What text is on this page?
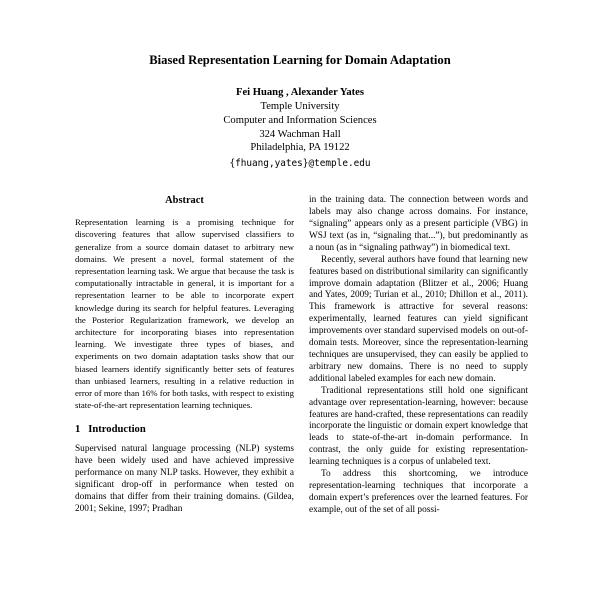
Biased Representation Learning for Domain Adaptation
Fei Huang , Alexander Yates
Temple University
Computer and Information Sciences
324 Wachman Hall
Philadelphia, PA 19122
{fhuang,yates}@temple.edu
Abstract

Representation learning is a promising technique for discovering features that allow supervised classifiers to generalize from a source domain dataset to arbitrary new domains. We present a novel, formal statement of the representation learning task. We argue that because the task is computationally intractable in general, it is important for a representation learner to be able to incorporate expert knowledge during its search for helpful features. Leveraging the Posterior Regularization framework, we develop an architecture for incorporating biases into representation learning. We investigate three types of biases, and experiments on two domain adaptation tasks show that our biased learners identify significantly better sets of features than unbiased learners, resulting in a relative reduction in error of more than 16% for both tasks, with respect to existing state-of-the-art representation learning techniques.

1   Introduction

Supervised natural language processing (NLP) systems have been widely used and have achieved impressive performance on many NLP tasks. However, they exhibit a significant drop-off in performance when tested on domains that differ from their training domains. (Gildea, 2001; Sekine, 1997; Pradhan

in the training data. The connection between words and labels may also change across domains. For instance, “signaling” appears only as a present participle (VBG) in WSJ text (as in, “signaling that...”), but predominantly as a noun (as in “signaling pathway”) in biomedical text.

Recently, several authors have found that learning new features based on distributional similarity can significantly improve domain adaptation (Blitzer et al., 2006; Huang and Yates, 2009; Turian et al., 2010; Dhillon et al., 2011). This framework is attractive for several reasons: experimentally, learned features can yield significant improvements over standard supervised models on out-of-domain tests. Moreover, since the representation-learning techniques are unsupervised, they can easily be applied to arbitrary new domains. There is no need to supply additional labeled examples for each new domain.

Traditional representations still hold one significant advantage over representation-learning, however: because features are hand-crafted, these representations can readily incorporate the linguistic or domain expert knowledge that leads to state-of-the-art in-domain performance. In contrast, the only guide for existing representation-learning techniques is a corpus of unlabeled text.

To address this shortcoming, we introduce representation-learning techniques that incorporate a domain expert’s preferences over the learned features. For example, out of the set of all possi-
